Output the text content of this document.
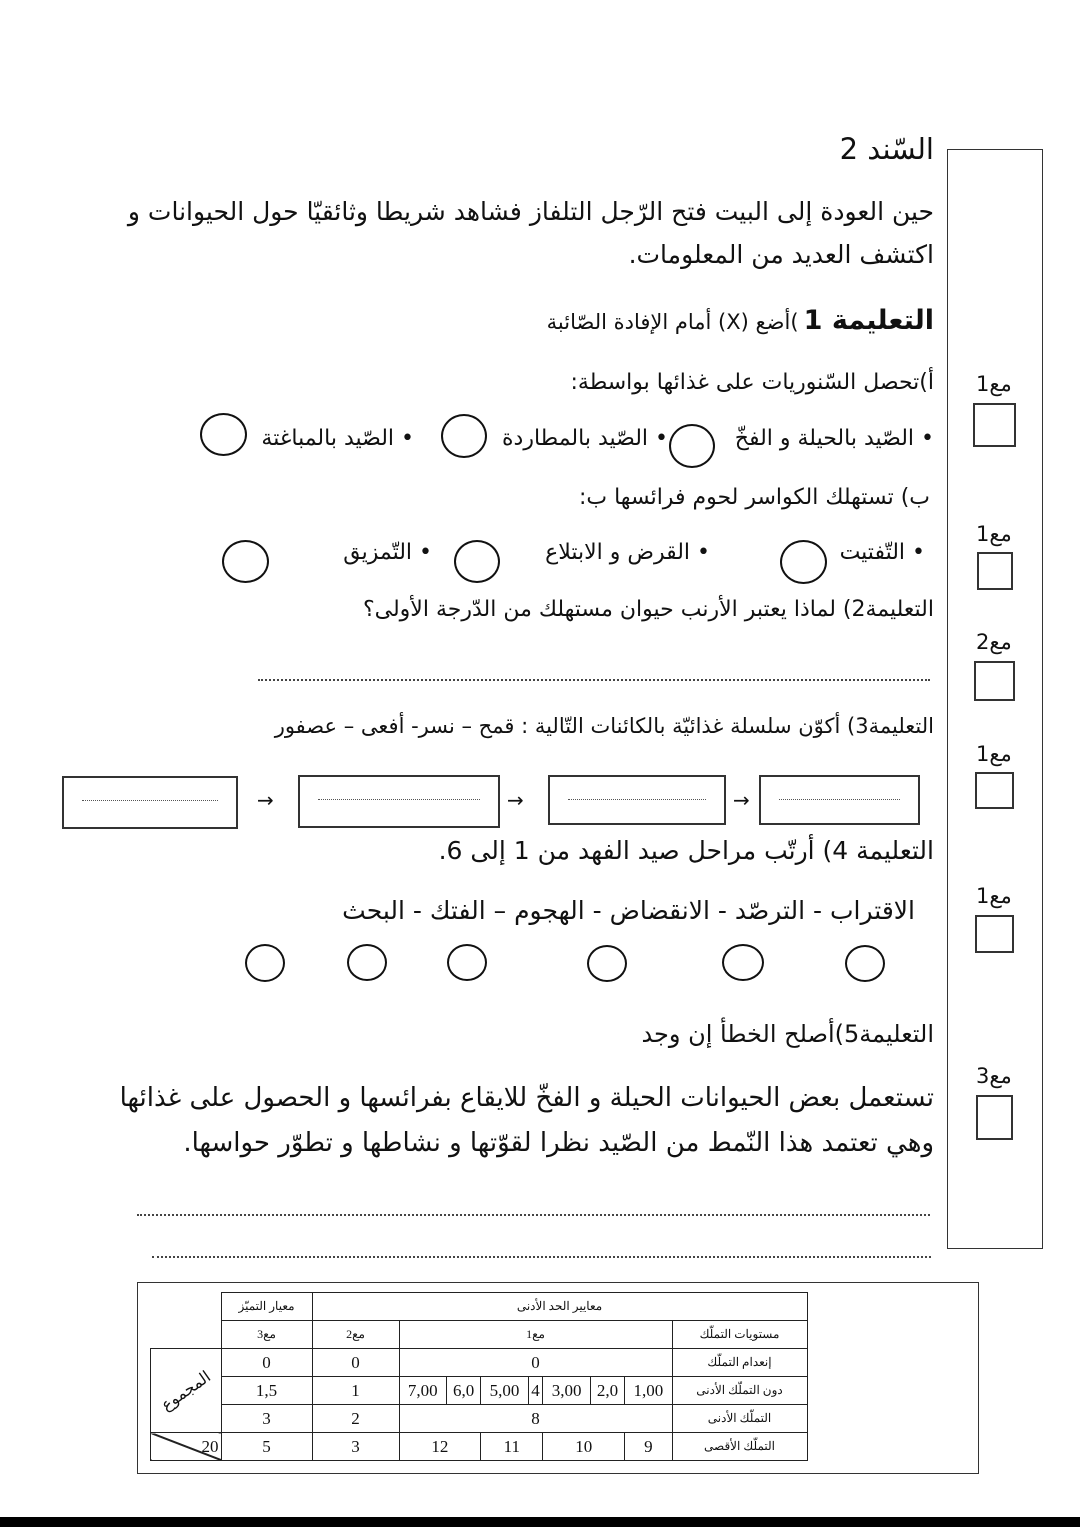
السّند 2
مع1
مع1
مع2
مع1
مع1
مع3
حين العودة إلى البيت فتح الرّجل التلفاز فشاهد شريطا وثائقيّا حول الحيوانات و
اكتشف العديد من المعلومات.
التعليمة 1 )أضع (X) أمام الإفادة الصّائبة
أ)تحصل السّنوريات على غذائها بواسطة:
• الصّيد بالحيلة و الفخّ
• الصّيد بالمطاردة
• الصّيد بالمباغتة
ب) تستهلك الكواسر لحوم فرائسها ب:
• التّفتيت
• القرض و الابتلاع
• التّمزيق
التعليمة2) لماذا يعتبر الأرنب حيوان مستهلك من الدّرجة الأولى؟
التعليمة3) أكوّن سلسلة غذائيّة بالكائنات التّالية : قمح – نسر- أفعى – عصفور
→
→
→
التعليمة 4) أرتّب مراحل صيد الفهد من 1 إلى 6.
الاقتراب - الترصّد - الانقضاض - الهجوم – الفتك - البحث
التعليمة5)أصلح الخطأ إن وجد
تستعمل بعض الحيوانات الحيلة و الفخّ للايقاع بفرائسها و الحصول على غذائها
وهي تعتمد هذا النّمط من الصّيد نظرا لقوّتها و نشاطها و تطوّر حواسها.
	معيار التميّز	معايير الحد الأدنى									
	مع3	مع2	مع1							مستويات التملّك	
المجموع	0	0	0							إنعدام التملّك	
	1,5	1	7,00	6,0	5,00	4	3,00	2,0	1,00	دون التملّك الأدنى	
	3	2	8							التملّك الأدنى	
20	5	3	12		11		10		9	التملّك الأقصى	
